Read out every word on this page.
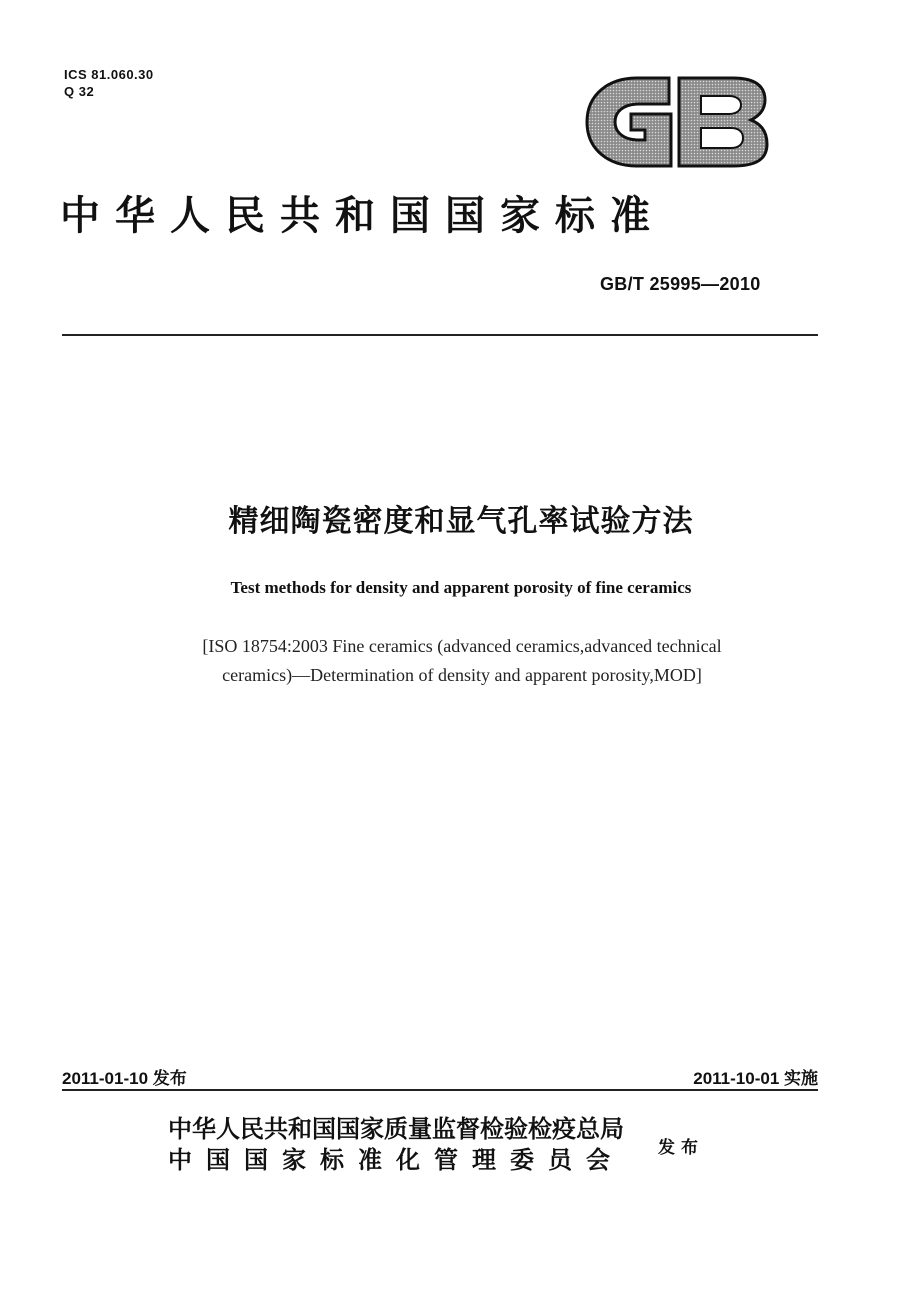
ICS 81.060.30
Q 32
中华人民共和国国家标准
GB/T 25995—2010
精细陶瓷密度和显气孔率试验方法
Test methods for density and apparent porosity of fine ceramics
[ISO 18754:2003 Fine ceramics (advanced ceramics,advanced technical
ceramics)—Determination of density and apparent porosity,MOD]
2011-01-10 发布	2011-10-01 实施
中华人民共和国国家质量监督检验检疫总局
中国国家标准化管理委员会 发布
